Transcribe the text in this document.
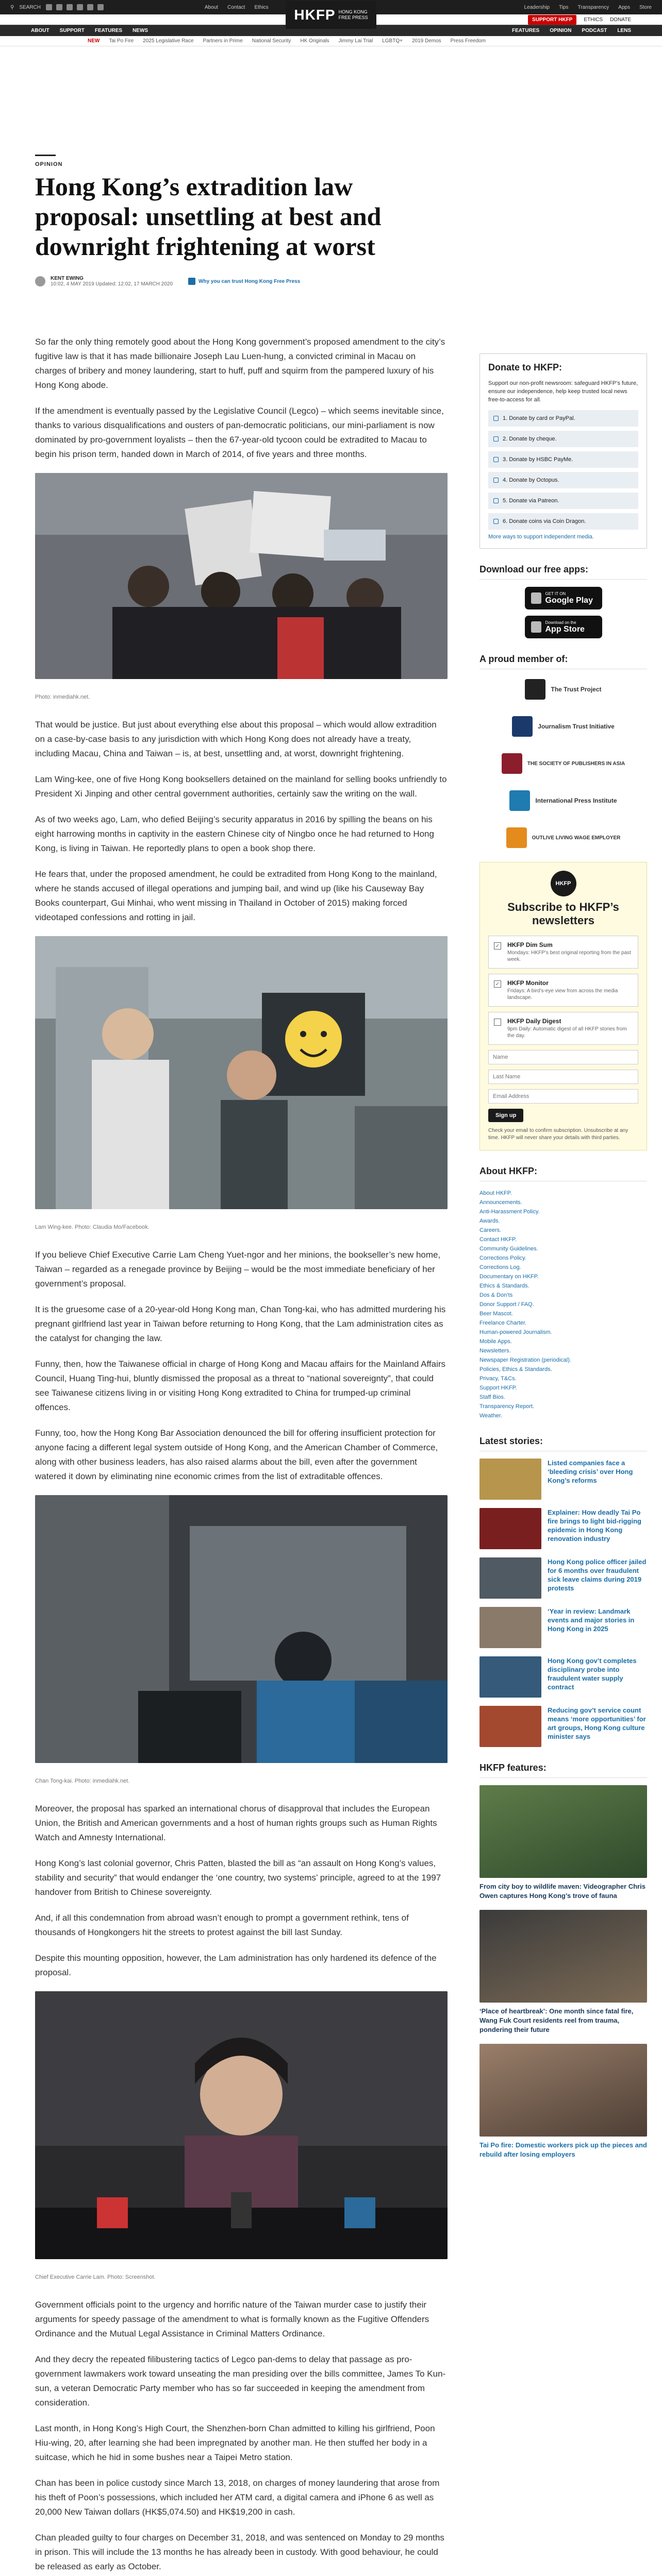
⚲ SEARCH	About Contact Ethics	Leadership Tips Transparency Apps Store
SUPPORT HKFP	ETHICS DONATE
HKFP HONG KONG
FREE PRESS
ABOUT SUPPORT FEATURES NEWS	FEATURES OPINION PODCAST LENS
NEW Tai Po Fire 2025 Legislative Race Partners in Prime National Security HK Originals Jimmy Lai Trial LGBTQ+ 2019 Demos Press Freedom
OPINION
Hong Kong’s extradition law proposal: unsettling at best and downright frightening at worst
KENT EWING
10:02, 4 MAY 2019 Updated: 12:02, 17 MARCH 2020	Why you can trust Hong Kong Free Press

So far the only thing remotely good about the Hong Kong government’s proposed amendment to the city’s fugitive law is that it has made billionaire Joseph Lau Luen-hung, a convicted criminal in Macau on charges of bribery and money laundering, start to huff, puff and squirm from the pampered luxury of his Hong Kong abode.

If the amendment is eventually passed by the Legislative Council (Legco) – which seems inevitable since, thanks to various disqualifications and ousters of pan-democratic politicians, our mini-parliament is now dominated by pro-government loyalists – then the 67-year-old tycoon could be extradited to Macau to begin his prison term, handed down in March of 2014, of five years and three months.

Photo: inmediahk.net.

That would be justice. But just about everything else about this proposal – which would allow extradition on a case-by-case basis to any jurisdiction with which Hong Kong does not already have a treaty, including Macau, China and Taiwan – is, at best, unsettling and, at worst, downright frightening.

Lam Wing-kee, one of five Hong Kong booksellers detained on the mainland for selling books unfriendly to President Xi Jinping and other central government authorities, certainly saw the writing on the wall.

As of two weeks ago, Lam, who defied Beijing’s security apparatus in 2016 by spilling the beans on his eight harrowing months in captivity in the eastern Chinese city of Ningbo once he had returned to Hong Kong, is living in Taiwan. He reportedly plans to open a book shop there.

He fears that, under the proposed amendment, he could be extradited from Hong Kong to the mainland, where he stands accused of illegal operations and jumping bail, and wind up (like his Causeway Bay Books counterpart, Gui Minhai, who went missing in Thailand in October of 2015) making forced videotaped confessions and rotting in jail.

Lam Wing-kee. Photo: Claudia Mo/Facebook.

If you believe Chief Executive Carrie Lam Cheng Yuet-ngor and her minions, the bookseller’s new home, Taiwan – regarded as a renegade province by Beijing – would be the most immediate beneficiary of her government’s proposal.

It is the gruesome case of a 20-year-old Hong Kong man, Chan Tong-kai, who has admitted murdering his pregnant girlfriend last year in Taiwan before returning to Hong Kong, that the Lam administration cites as the catalyst for changing the law.

Funny, then, how the Taiwanese official in charge of Hong Kong and Macau affairs for the Mainland Affairs Council, Huang Ting-hui, bluntly dismissed the proposal as a threat to “national sovereignty”, that could see Taiwanese citizens living in or visiting Hong Kong extradited to China for trumped-up criminal offences.

Funny, too, how the Hong Kong Bar Association denounced the bill for offering insufficient protection for anyone facing a different legal system outside of Hong Kong, and the American Chamber of Commerce, along with other business leaders, has also raised alarms about the bill, even after the government watered it down by eliminating nine economic crimes from the list of extraditable offences.

Chan Tong-kai. Photo: inmediahk.net.

Moreover, the proposal has sparked an international chorus of disapproval that includes the European Union, the British and American governments and a host of human rights groups such as Human Rights Watch and Amnesty International.

Hong Kong’s last colonial governor, Chris Patten, blasted the bill as “an assault on Hong Kong’s values, stability and security” that would endanger the ‘one country, two systems’ principle, agreed to at the 1997 handover from British to Chinese sovereignty.

And, if all this condemnation from abroad wasn’t enough to prompt a government rethink, tens of thousands of Hongkongers hit the streets to protest against the bill last Sunday.

Despite this mounting opposition, however, the Lam administration has only hardened its defence of the proposal.

Chief Executive Carrie Lam. Photo: Screenshot.

Government officials point to the urgency and horrific nature of the Taiwan murder case to justify their arguments for speedy passage of the amendment to what is formally known as the Fugitive Offenders Ordinance and the Mutual Legal Assistance in Criminal Matters Ordinance.

And they decry the repeated filibustering tactics of Legco pan-dems to delay that passage as pro-government lawmakers work toward unseating the man presiding over the bills committee, James To Kun-sun, a veteran Democratic Party member who has so far succeeded in keeping the amendment from consideration.

Last month, in Hong Kong’s High Court, the Shenzhen-born Chan admitted to killing his girlfriend, Poon Hiu-wing, 20, after learning she had been impregnated by another man. He then stuffed her body in a suitcase, which he hid in some bushes near a Taipei Metro station.

Chan has been in police custody since March 13, 2018, on charges of money laundering that arose from his theft of Poon’s possessions, which included her ATM card, a digital camera and iPhone 6 as well as 20,000 New Taiwan dollars (HK$5,074.50) and HK$19,200 in cash.

Chan pleaded guilty to four charges on December 31, 2018, and was sentenced on Monday to 29 months in prison. This will include the 13 months he has already been in custody. With good behaviour, he could be released as early as October.

Donate to HKFP:
Support our non-profit newsroom: safeguard HKFP’s future, ensure our independence, help keep trusted local news free-to-access for all.
1. Donate by card or PayPal.
2. Donate by cheque.
3. Donate by HSBC PayMe.
4. Donate by Octopus.
5. Donate via Patreon.
6. Donate coins via Coin Dragon.
More ways to support independent media.
Download our free apps:
GET IT ON
Google Play
Download on the
App Store
A proud member of:
The Trust Project
Journalism Trust Initiative
THE SOCIETY OF PUBLISHERS IN ASIA
International Press Institute
OUTLIVE LIVING WAGE EMPLOYER
HKFP
Subscribe to HKFP’s newsletters
✓ HKFP Dim Sum
Mondays: HKFP’s best original reporting from the past week.
✓ HKFP Monitor
Fridays: A bird’s-eye view from across the media landscape.
HKFP Daily Digest
9pm Daily: Automatic digest of all HKFP stories from the day.
Name Last Name Email Address
Sign up
Check your email to confirm subscription. Unsubscribe at any time. HKFP will never share your details with third parties.
About HKFP:
About HKFP.
Announcements.
Anti-Harassment Policy.
Awards.
Careers.
Contact HKFP.
Community Guidelines.
Corrections Policy.
Corrections Log.
Documentary on HKFP.
Ethics & Standards.
Dos & Don’ts
Donor Support / FAQ.
Beer Mascot.
Freelance Charter.
Human-powered Journalism.
Mobile Apps.
Newsletters.
Newspaper Registration (periodical).
Policies, Ethics & Standards.
Privacy, T&Cs.
Support HKFP.
Staff Bios.
Transparency Report.
Weather.
Latest stories:
Listed companies face a ‘bleeding crisis’ over Hong Kong’s reforms
Explainer: How deadly Tai Po fire brings to light bid-rigging epidemic in Hong Kong renovation industry
Hong Kong police officer jailed for 6 months over fraudulent sick leave claims during 2019 protests
‘Year in review: Landmark events and major stories in Hong Kong in 2025
Hong Kong gov’t completes disciplinary probe into fraudulent water supply contract
Reducing gov’t service count means ‘more opportunities’ for art groups, Hong Kong culture minister says
HKFP features:
From city boy to wildlife maven: Videographer Chris Owen captures Hong Kong’s trove of fauna
‘Place of heartbreak’: One month since fatal fire, Wang Fuk Court residents reel from trauma, pondering their future
Tai Po fire: Domestic workers pick up the pieces and rebuild after losing employers
